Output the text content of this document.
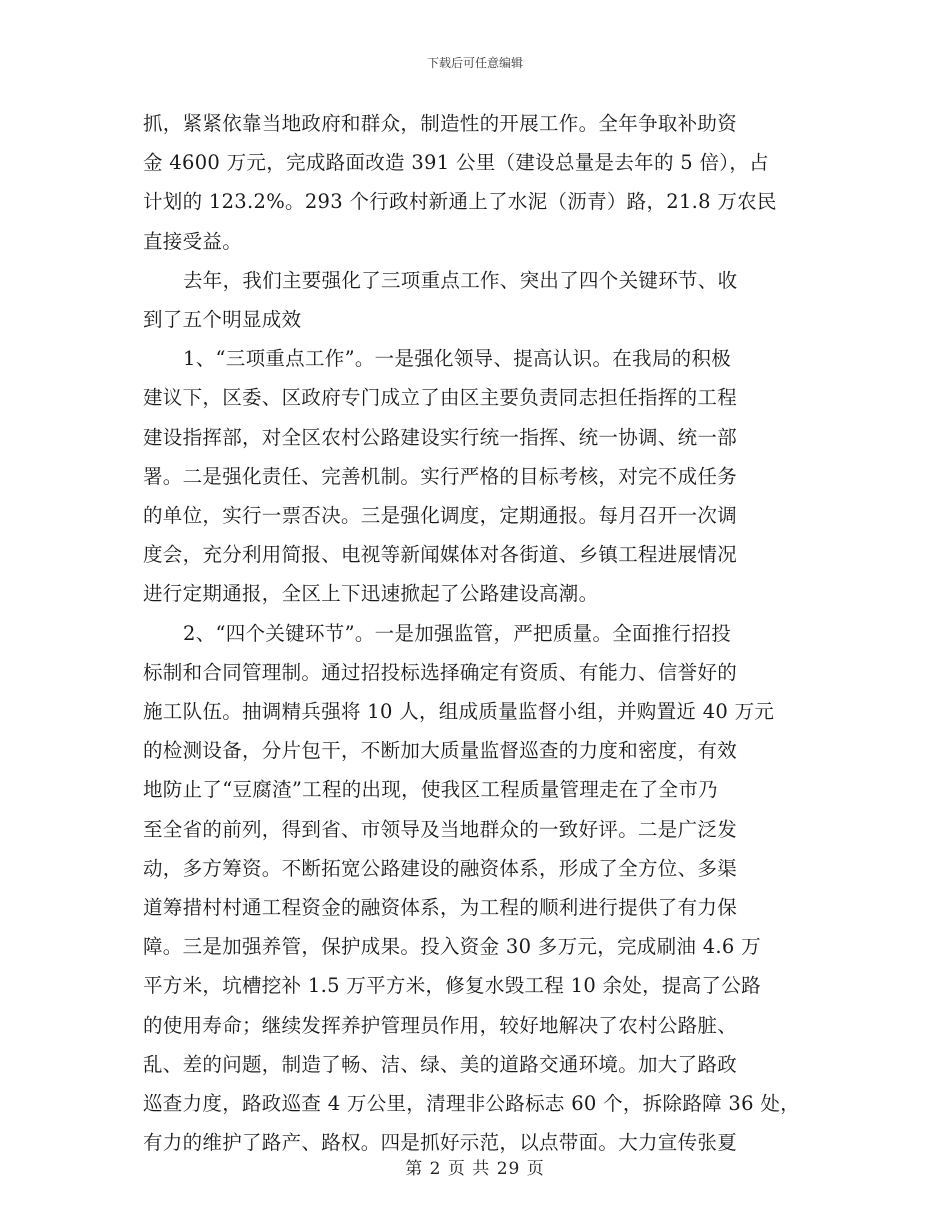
下载后可任意编辑

抓，紧紧依靠当地政府和群众，制造性的开展工作。全年争取补助资
金 4600 万元，完成路面改造 391 公里（建设总量是去年的 5 倍），占
计划的 123.2%。293 个行政村新通上了水泥（沥青）路，21.8 万农民
直接受益。

去年，我们主要强化了三项重点工作、突出了四个关键环节、收
到了五个明显成效

1、“三项重点工作”。一是强化领导、提高认识。在我局的积极
建议下，区委、区政府专门成立了由区主要负责同志担任指挥的工程
建设指挥部，对全区农村公路建设实行统一指挥、统一协调、统一部
署。二是强化责任、完善机制。实行严格的目标考核，对完不成任务
的单位，实行一票否决。三是强化调度，定期通报。每月召开一次调
度会，充分利用简报、电视等新闻媒体对各街道、乡镇工程进展情况
进行定期通报，全区上下迅速掀起了公路建设高潮。

2、“四个关键环节”。一是加强监管，严把质量。全面推行招投
标制和合同管理制。通过招投标选择确定有资质、有能力、信誉好的
施工队伍。抽调精兵强将 10 人，组成质量监督小组，并购置近 40 万元
的检测设备，分片包干，不断加大质量监督巡查的力度和密度，有效
地防止了“豆腐渣”工程的出现，使我区工程质量管理走在了全市乃
至全省的前列，得到省、市领导及当地群众的一致好评。二是广泛发
动，多方筹资。不断拓宽公路建设的融资体系，形成了全方位、多渠
道筹措村村通工程资金的融资体系，为工程的顺利进行提供了有力保
障。三是加强养管，保护成果。投入资金 30 多万元，完成刷油 4.6 万
平方米，坑槽挖补 1.5 万平方米，修复水毁工程 10 余处，提高了公路
的使用寿命；继续发挥养护管理员作用，较好地解决了农村公路脏、
乱、差的问题，制造了畅、洁、绿、美的道路交通环境。加大了路政
巡查力度，路政巡查 4 万公里，清理非公路标志 60 个，拆除路障 36 处，
有力的维护了路产、路权。四是抓好示范，以点带面。大力宣传张夏

第 2 页 共 29 页
